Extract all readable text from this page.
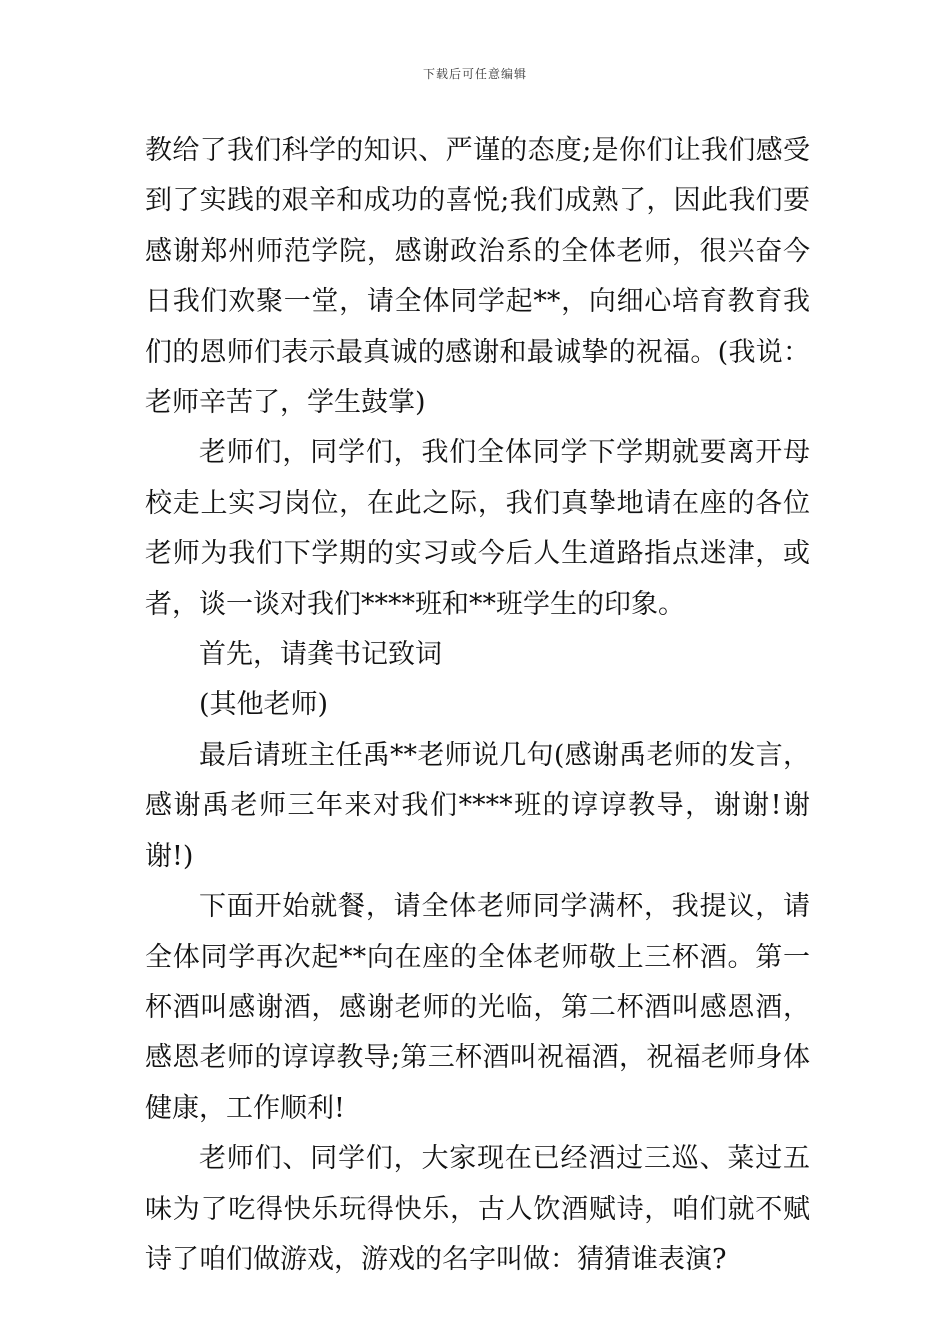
下载后可任意编辑

教给了我们科学的知识、严谨的态度;是你们让我们感受到了实践的艰辛和成功的喜悦;我们成熟了，因此我们要感谢郑州师范学院，感谢政治系的全体老师，很兴奋今日我们欢聚一堂，请全体同学起**，向细心培育教育我们的恩师们表示最真诚的感谢和最诚挚的祝福。(我说：老师辛苦了，学生鼓掌)

老师们，同学们，我们全体同学下学期就要离开母校走上实习岗位，在此之际，我们真挚地请在座的各位老师为我们下学期的实习或今后人生道路指点迷津，或者，谈一谈对我们****班和**班学生的印象。

首先，请龚书记致词

(其他老师)

最后请班主任禹**老师说几句(感谢禹老师的发言，感谢禹老师三年来对我们****班的谆谆教导，谢谢!谢谢!)

下面开始就餐，请全体老师同学满杯，我提议，请全体同学再次起**向在座的全体老师敬上三杯酒。第一杯酒叫感谢酒，感谢老师的光临，第二杯酒叫感恩酒，感恩老师的谆谆教导;第三杯酒叫祝福酒，祝福老师身体健康，工作顺利!

老师们、同学们，大家现在已经酒过三巡、菜过五味为了吃得快乐玩得快乐，古人饮酒赋诗，咱们就不赋诗了咱们做游戏，游戏的名字叫做：猜猜谁表演?
